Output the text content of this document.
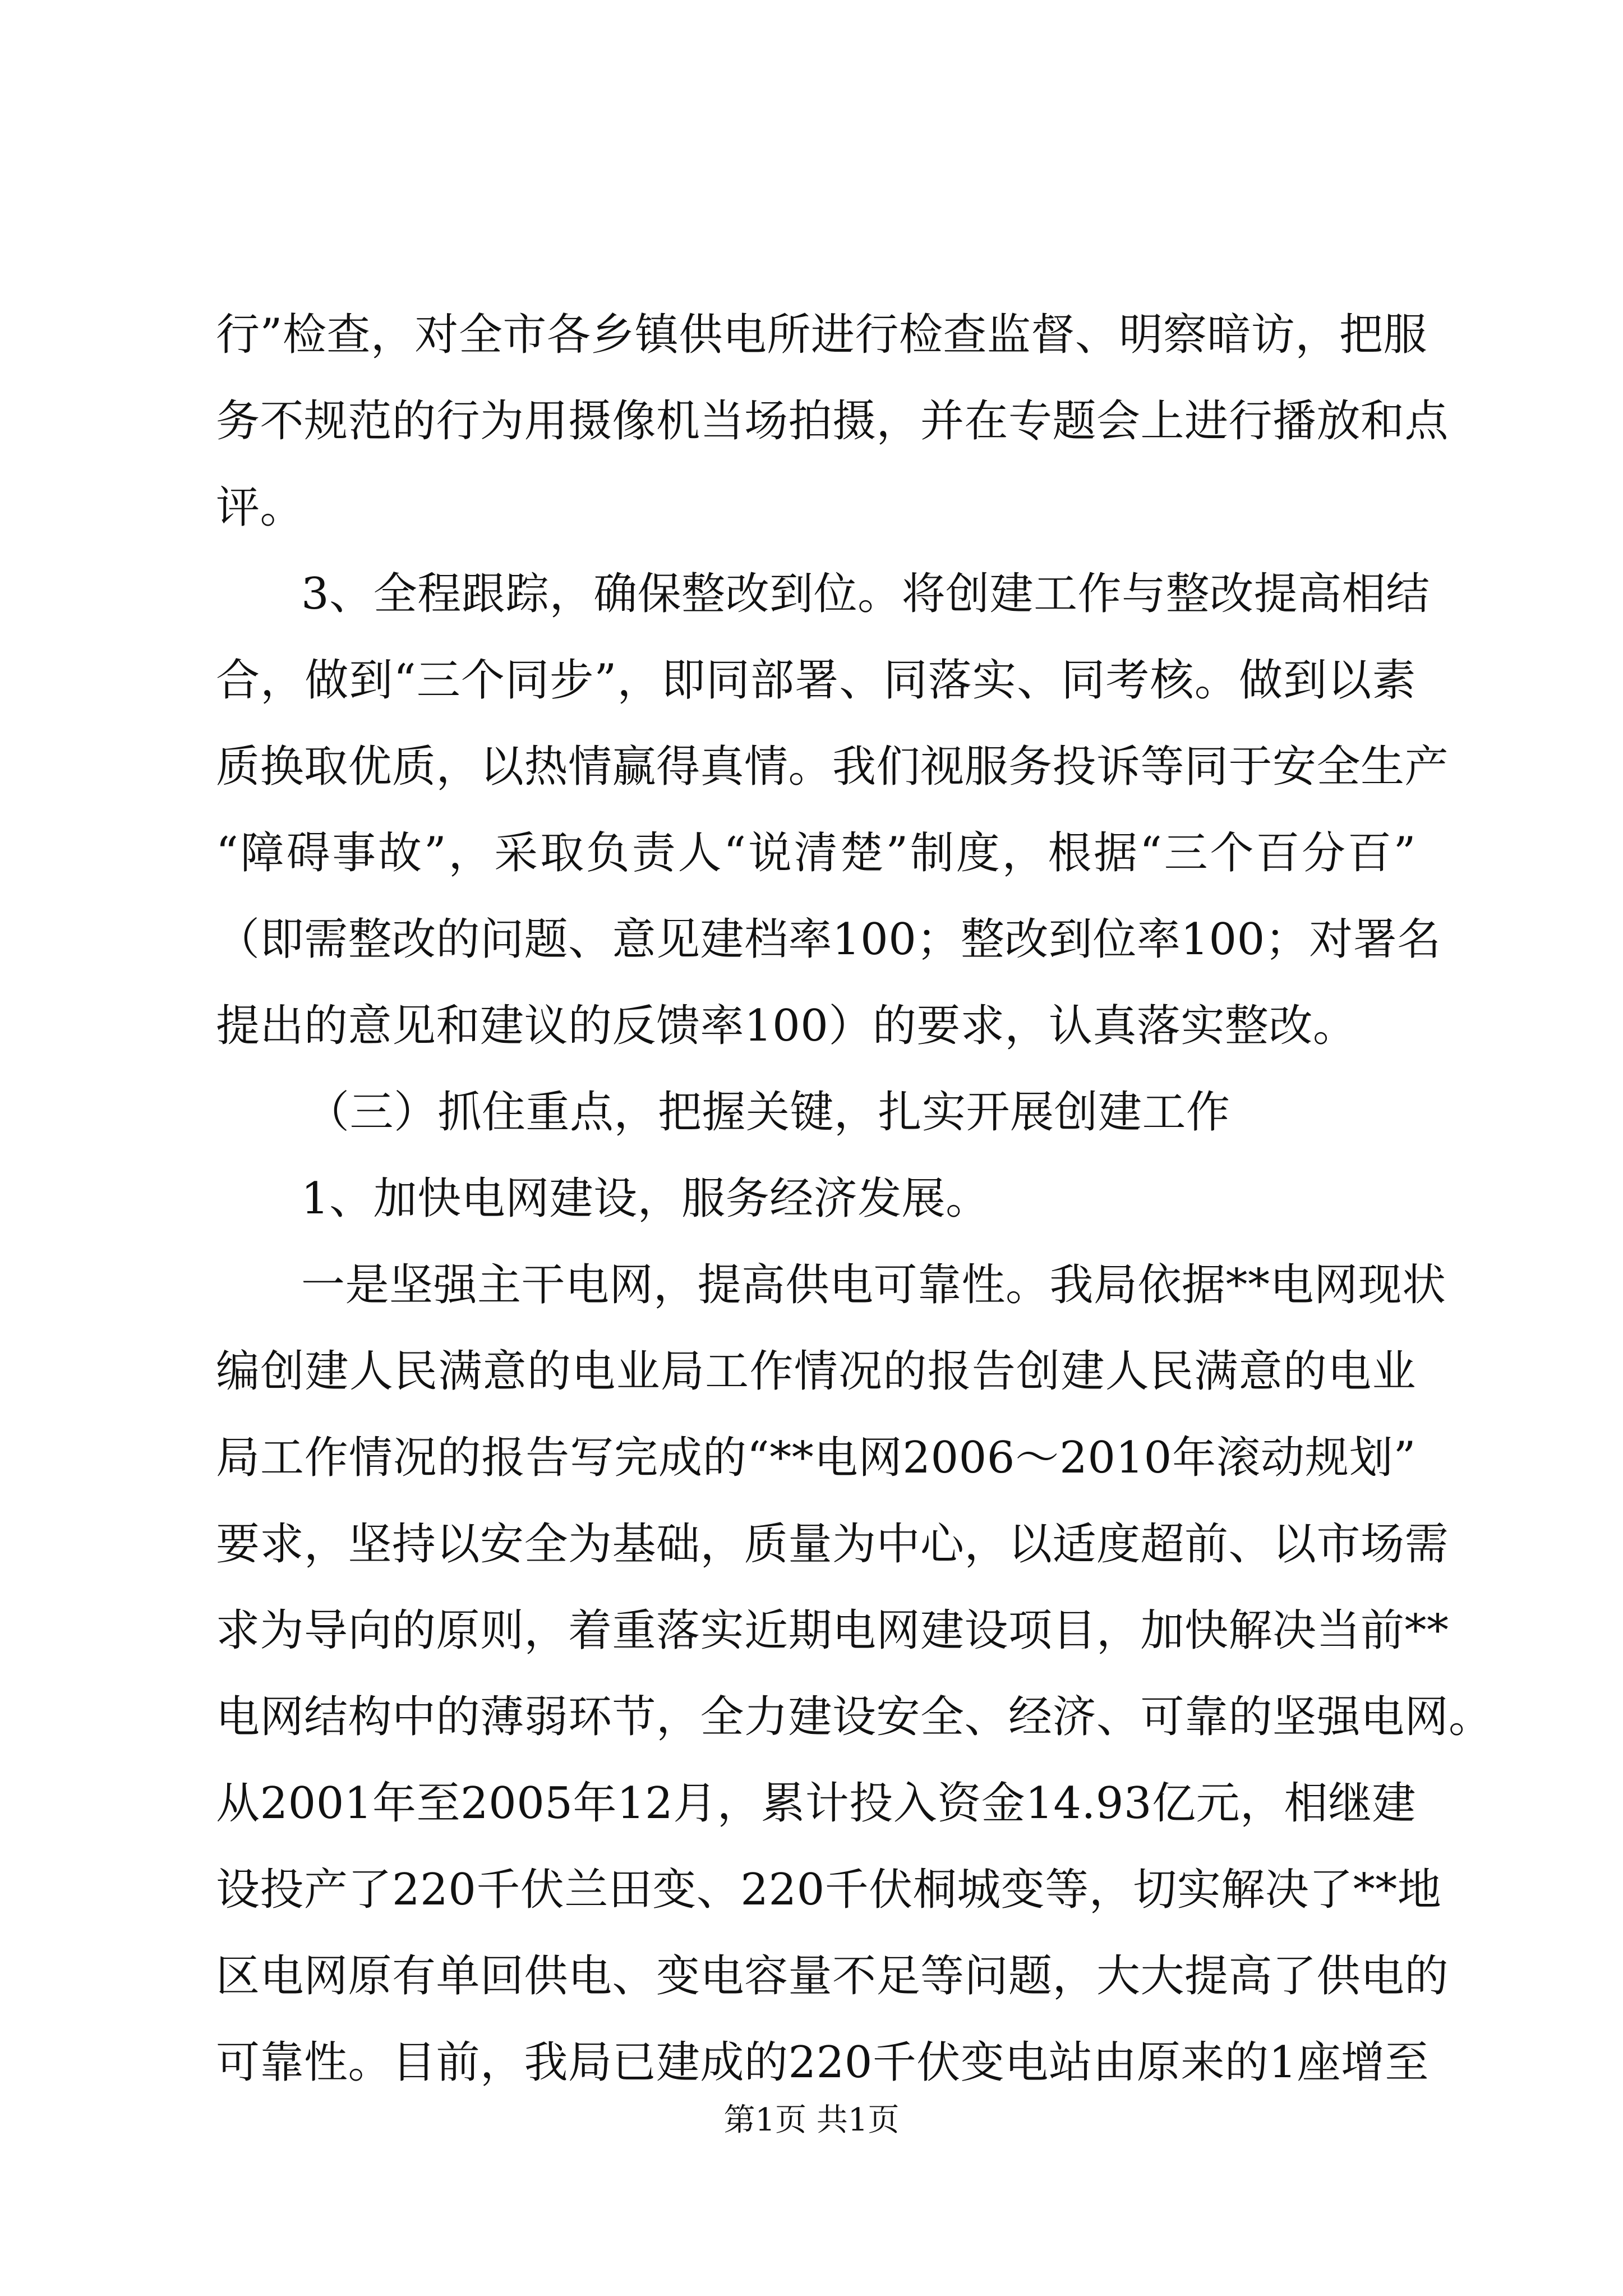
行”检查，对全市各乡镇供电所进行检查监督、明察暗访，把服
务不规范的行为用摄像机当场拍摄，并在专题会上进行播放和点
评。
3、全程跟踪，确保整改到位。将创建工作与整改提高相结
合，做到“三个同步”，即同部署、同落实、同考核。做到以素
质换取优质，以热情赢得真情。我们视服务投诉等同于安全生产
“障碍事故”，采取负责人“说清楚”制度，根据“三个百分百”
（即需整改的问题、意见建档率100；整改到位率100；对署名
提出的意见和建议的反馈率100）的要求，认真落实整改。
（三）抓住重点，把握关键，扎实开展创建工作
1、加快电网建设，服务经济发展。
一是坚强主干电网，提高供电可靠性。我局依据**电网现状
编创建人民满意的电业局工作情况的报告创建人民满意的电业
局工作情况的报告写完成的“**电网2006～2010年滚动规划”
要求，坚持以安全为基础，质量为中心，以适度超前、以市场需
求为导向的原则，着重落实近期电网建设项目，加快解决当前**
电网结构中的薄弱环节，全力建设安全、经济、可靠的坚强电网。
从2001年至2005年12月，累计投入资金14.93亿元，相继建
设投产了220千伏兰田变、220千伏桐城变等，切实解决了**地
区电网原有单回供电、变电容量不足等问题，大大提高了供电的
可靠性。目前，我局已建成的220千伏变电站由原来的1座增至
第1页 共1页
